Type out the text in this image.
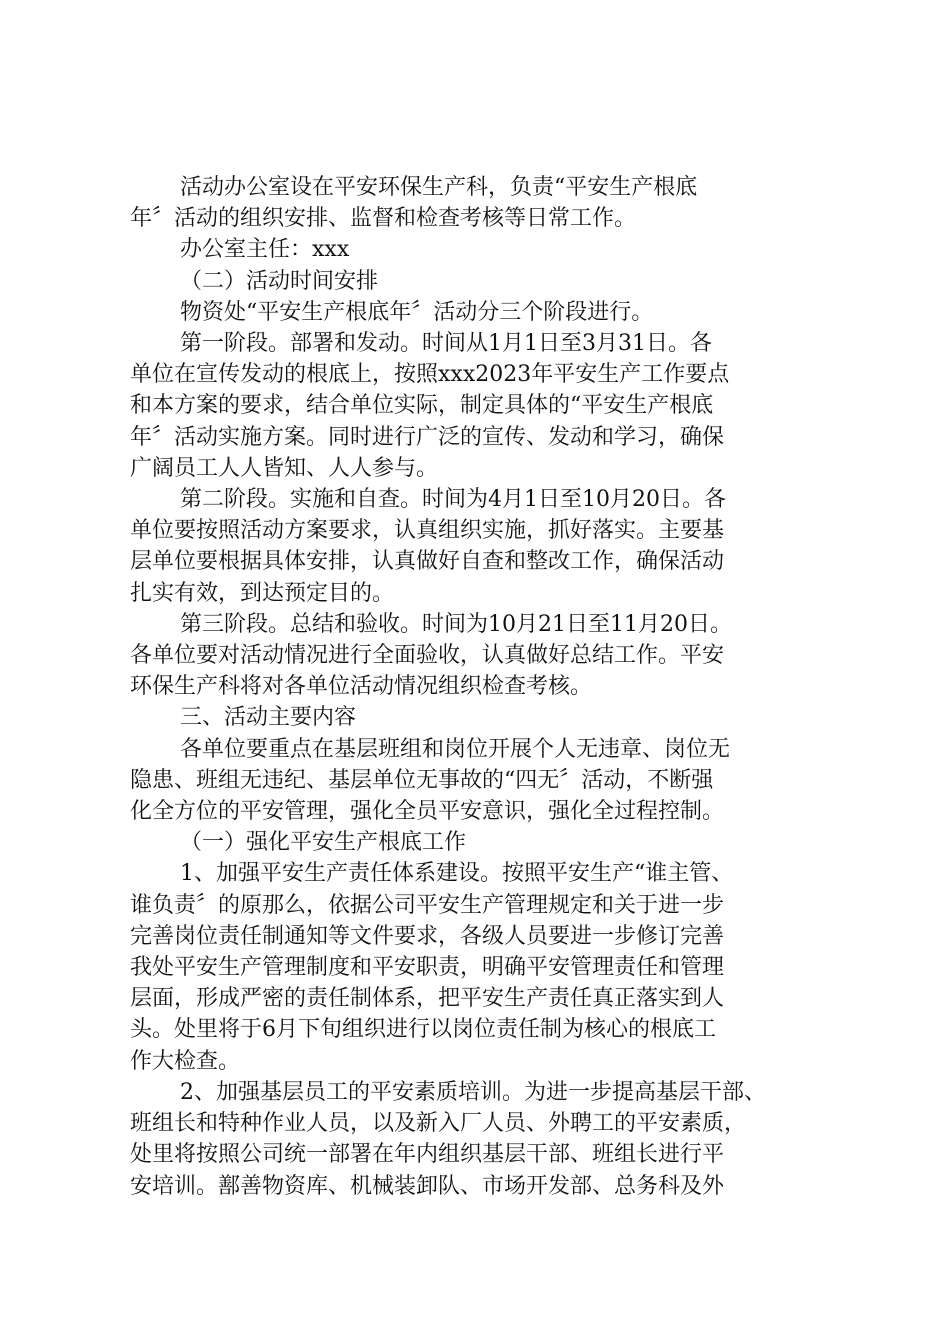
活动办公室设在平安环保生产科，负责“平安生产根底
年〞活动的组织安排、监督和检查考核等日常工作。
办公室主任：xxx
（二）活动时间安排
物资处“平安生产根底年〞活动分三个阶段进行。
第一阶段。部署和发动。时间从1月1日至3月31日。各
单位在宣传发动的根底上，按照xxx2023年平安生产工作要点
和本方案的要求，结合单位实际，制定具体的“平安生产根底
年〞活动实施方案。同时进行广泛的宣传、发动和学习，确保
广阔员工人人皆知、人人参与。
第二阶段。实施和自查。时间为4月1日至10月20日。各
单位要按照活动方案要求，认真组织实施，抓好落实。主要基
层单位要根据具体安排，认真做好自查和整改工作，确保活动
扎实有效，到达预定目的。
第三阶段。总结和验收。时间为10月21日至11月20日。
各单位要对活动情况进行全面验收，认真做好总结工作。平安
环保生产科将对各单位活动情况组织检查考核。
三、活动主要内容
各单位要重点在基层班组和岗位开展个人无违章、岗位无
隐患、班组无违纪、基层单位无事故的“四无〞活动，不断强
化全方位的平安管理，强化全员平安意识，强化全过程控制。
（一）强化平安生产根底工作
1、加强平安生产责任体系建设。按照平安生产“谁主管、
谁负责〞的原那么，依据公司平安生产管理规定和关于进一步
完善岗位责任制通知等文件要求，各级人员要进一步修订完善
我处平安生产管理制度和平安职责，明确平安管理责任和管理
层面，形成严密的责任制体系，把平安生产责任真正落实到人
头。处里将于6月下旬组织进行以岗位责任制为核心的根底工
作大检查。
2、加强基层员工的平安素质培训。为进一步提高基层干部、
班组长和特种作业人员，以及新入厂人员、外聘工的平安素质，
处里将按照公司统一部署在年内组织基层干部、班组长进行平
安培训。鄯善物资库、机械装卸队、市场开发部、总务科及外
